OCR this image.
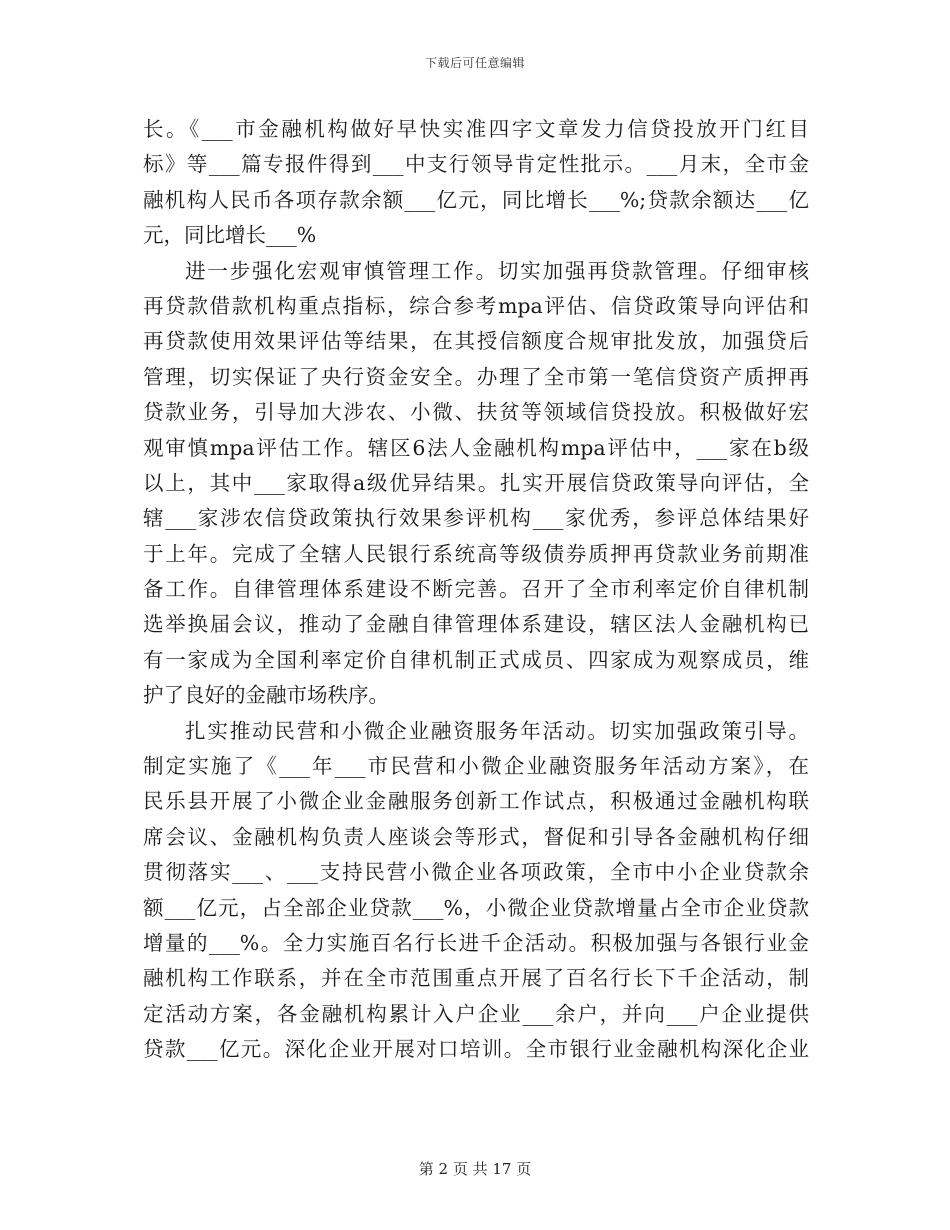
下载后可任意编辑
长。《___市金融机构做好早快实准四字文章发力信贷投放开门红目
标》等___篇专报件得到___中支行领导肯定性批示。___月末，全市金
融机构人民币各项存款余额___亿元，同比增长___%;贷款余额达___亿
元，同比增长___%
进一步强化宏观审慎管理工作。切实加强再贷款管理。仔细审核
再贷款借款机构重点指标，综合参考mpa评估、信贷政策导向评估和
再贷款使用效果评估等结果，在其授信额度合规审批发放，加强贷后
管理，切实保证了央行资金安全。办理了全市第一笔信贷资产质押再
贷款业务，引导加大涉农、小微、扶贫等领域信贷投放。积极做好宏
观审慎mpa评估工作。辖区6法人金融机构mpa评估中，___家在b级
以上，其中___家取得a级优异结果。扎实开展信贷政策导向评估，全
辖___家涉农信贷政策执行效果参评机构___家优秀，参评总体结果好
于上年。完成了全辖人民银行系统高等级债券质押再贷款业务前期准
备工作。自律管理体系建设不断完善。召开了全市利率定价自律机制
选举换届会议，推动了金融自律管理体系建设，辖区法人金融机构已
有一家成为全国利率定价自律机制正式成员、四家成为观察成员，维
护了良好的金融市场秩序。
扎实推动民营和小微企业融资服务年活动。切实加强政策引导。
制定实施了《___年___市民营和小微企业融资服务年活动方案》，在
民乐县开展了小微企业金融服务创新工作试点，积极通过金融机构联
席会议、金融机构负责人座谈会等形式，督促和引导各金融机构仔细
贯彻落实___、___支持民营小微企业各项政策，全市中小企业贷款余
额___亿元，占全部企业贷款___%，小微企业贷款增量占全市企业贷款
增量的___%。全力实施百名行长进千企活动。积极加强与各银行业金
融机构工作联系，并在全市范围重点开展了百名行长下千企活动，制
定活动方案，各金融机构累计入户企业___余户，并向___户企业提供
贷款___亿元。深化企业开展对口培训。全市银行业金融机构深化企业
第 2 页 共 17 页
